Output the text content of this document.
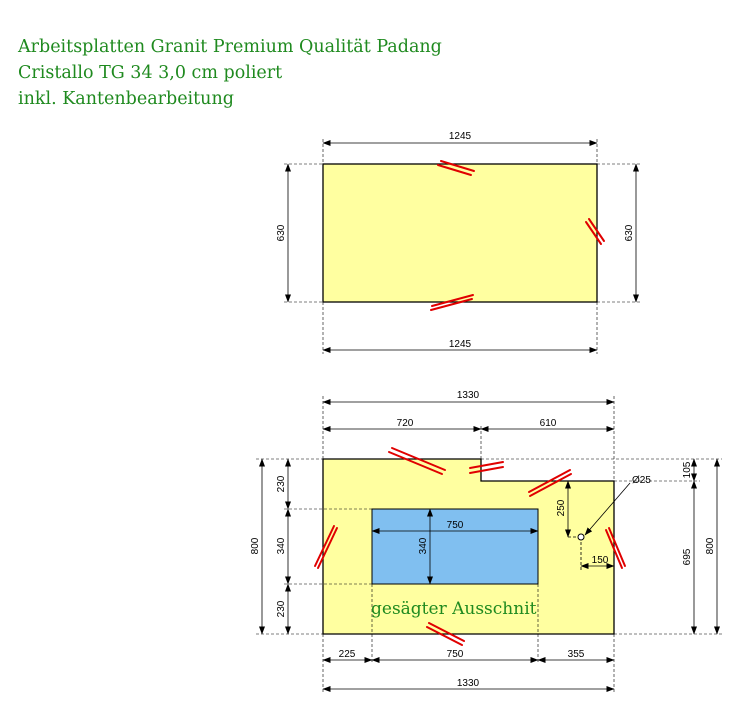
Arbeitsplatten Granit Premium Qualität Padang
Cristallo TG 34 3,0 cm poliert
inkl. Kantenbearbeitung
1245
1245
630	630
1330
720	610
105
230
340
230
800
695
800
750
340
Ø25
250
150
225	750	355
1330
gesägter Ausschnit
